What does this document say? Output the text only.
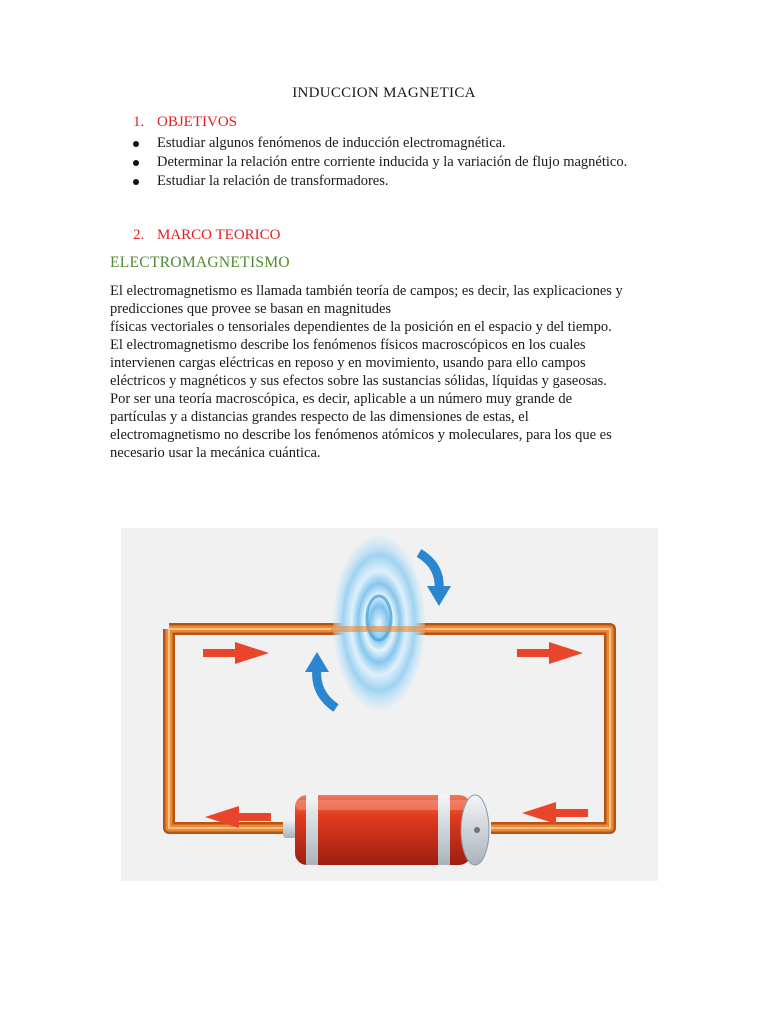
INDUCCION MAGNETICA
1. OBJETIVOS
Estudiar algunos fenómenos de inducción electromagnética.
Determinar la relación entre corriente inducida y la variación de flujo magnético.
Estudiar la relación de transformadores.
2. MARCO TEORICO
ELECTROMAGNETISMO
El electromagnetismo es llamada también teoría de campos; es decir, las explicaciones y
predicciones que provee se basan en magnitudes
físicas vectoriales o tensoriales dependientes de la posición en el espacio y del tiempo.
El electromagnetismo describe los fenómenos físicos macroscópicos en los cuales
intervienen cargas eléctricas en reposo y en movimiento, usando para ello campos
eléctricos y magnéticos y sus efectos sobre las sustancias sólidas, líquidas y gaseosas.
Por ser una teoría macroscópica, es decir, aplicable a un número muy grande de
partículas y a distancias grandes respecto de las dimensiones de estas, el
electromagnetismo no describe los fenómenos atómicos y moleculares, para los que es
necesario usar la mecánica cuántica.
